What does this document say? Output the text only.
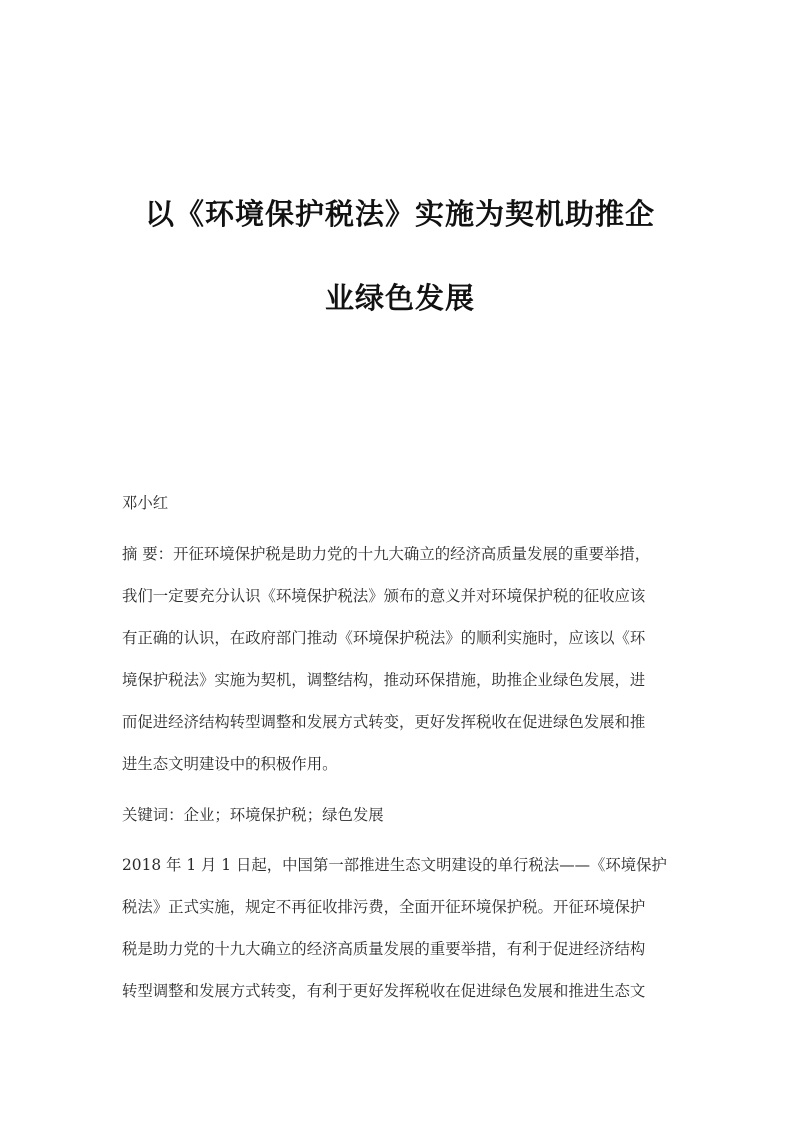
以《环境保护税法》实施为契机助推企
业绿色发展
邓小红
摘 要：开征环境保护税是助力党的十九大确立的经济高质量发展的重要举措，
我们一定要充分认识《环境保护税法》颁布的意义并对环境保护税的征收应该
有正确的认识，在政府部门推动《环境保护税法》的顺利实施时，应该以《环
境保护税法》实施为契机，调整结构，推动环保措施，助推企业绿色发展，进
而促进经济结构转型调整和发展方式转变，更好发挥税收在促进绿色发展和推
进生态文明建设中的积极作用。
关键词：企业；环境保护税；绿色发展
2018 年 1 月 1 日起，中国第一部推进生态文明建设的单行税法——《环境保护
税法》正式实施，规定不再征收排污费，全面开征环境保护税。开征环境保护
税是助力党的十九大确立的经济高质量发展的重要举措，有利于促进经济结构
转型调整和发展方式转变，有利于更好发挥税收在促进绿色发展和推进生态文
